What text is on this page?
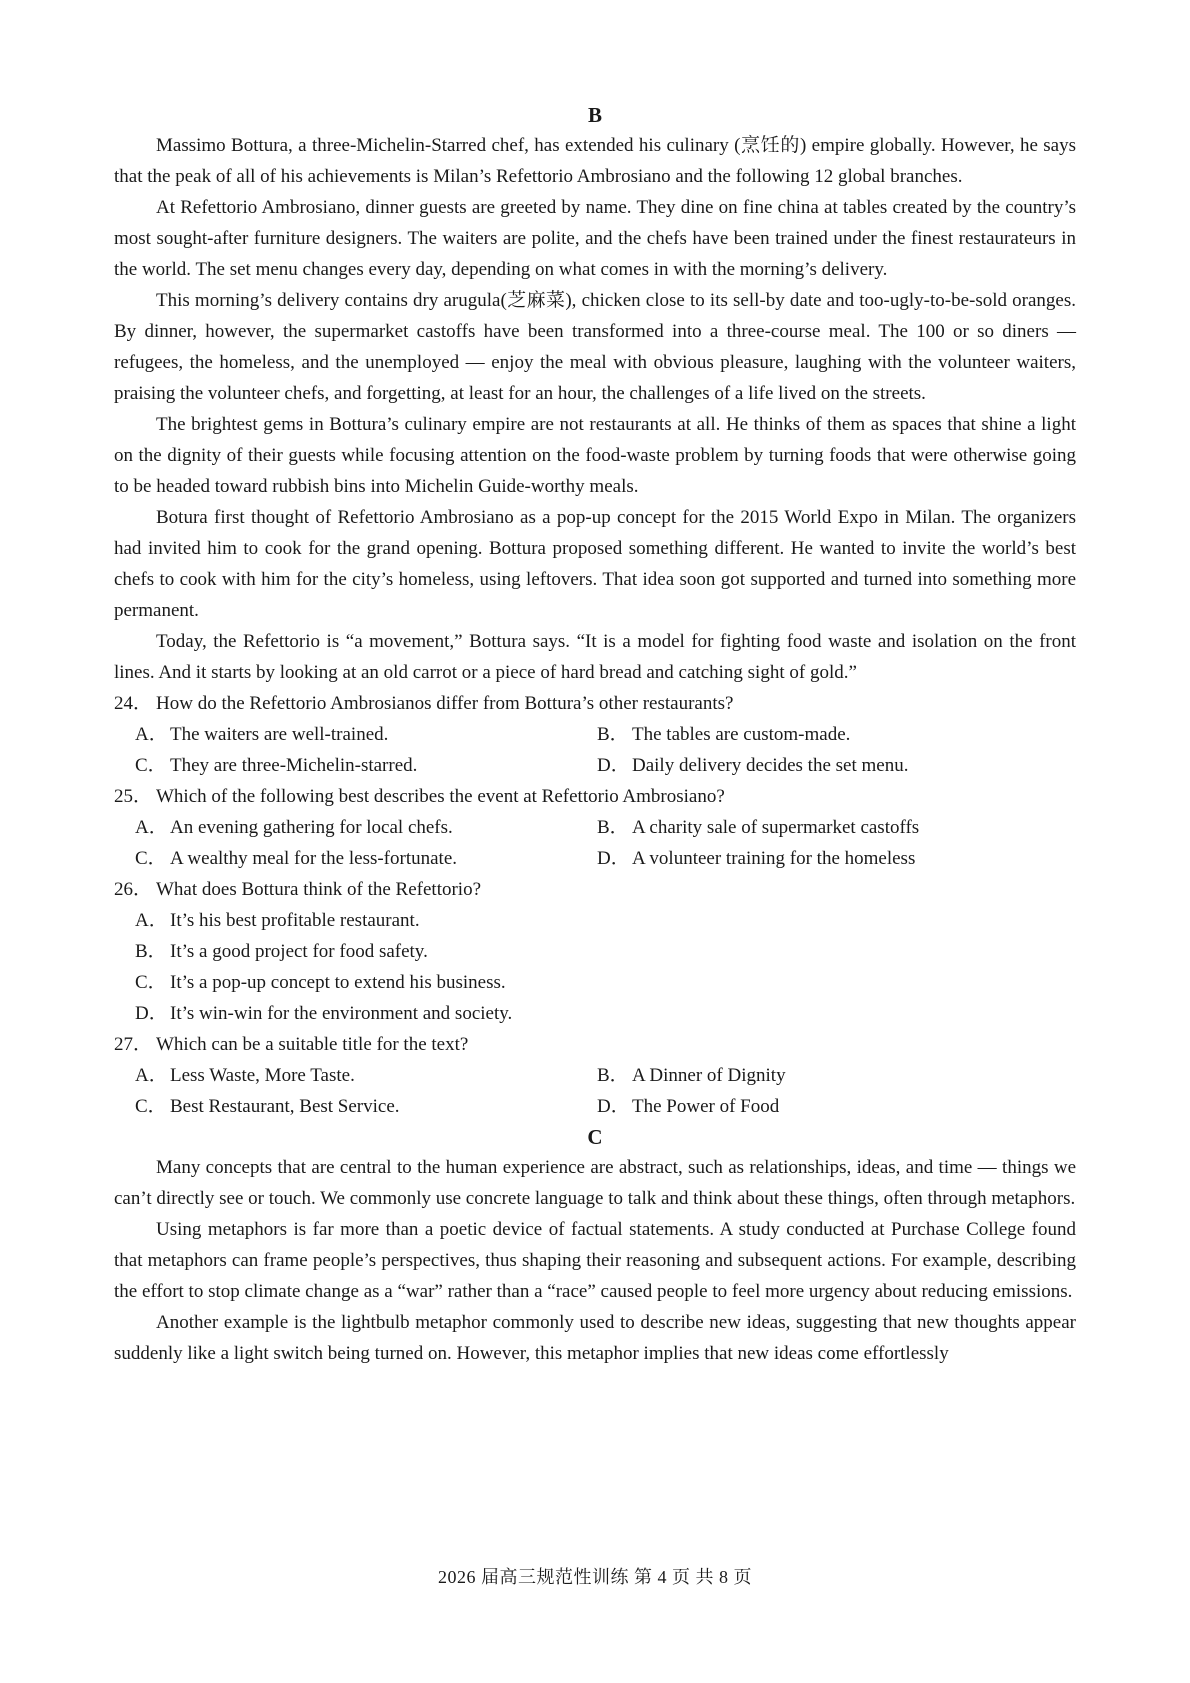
B

Massimo Bottura, a three-Michelin-Starred chef, has extended his culinary (烹饪的) empire globally. However, he says that the peak of all of his achievements is Milan’s Refettorio Ambrosiano and the following 12 global branches.

At Refettorio Ambrosiano, dinner guests are greeted by name. They dine on fine china at tables created by the country’s most sought-after furniture designers. The waiters are polite, and the chefs have been trained under the finest restaurateurs in the world. The set menu changes every day, depending on what comes in with the morning’s delivery.

This morning’s delivery contains dry arugula(芝麻菜), chicken close to its sell-by date and too-ugly-to-be-sold oranges. By dinner, however, the supermarket castoffs have been transformed into a three-course meal. The 100 or so diners — refugees, the homeless, and the unemployed — enjoy the meal with obvious pleasure, laughing with the volunteer waiters, praising the volunteer chefs, and forgetting, at least for an hour, the challenges of a life lived on the streets.

The brightest gems in Bottura’s culinary empire are not restaurants at all. He thinks of them as spaces that shine a light on the dignity of their guests while focusing attention on the food-waste problem by turning foods that were otherwise going to be headed toward rubbish bins into Michelin Guide-worthy meals.

Botura first thought of Refettorio Ambrosiano as a pop-up concept for the 2015 World Expo in Milan. The organizers had invited him to cook for the grand opening. Bottura proposed something different. He wanted to invite the world’s best chefs to cook with him for the city’s homeless, using leftovers. That idea soon got supported and turned into something more permanent.

Today, the Refettorio is “a movement,” Bottura says. “It is a model for fighting food waste and isolation on the front lines. And it starts by looking at an old carrot or a piece of hard bread and catching sight of gold.”

24． How do the Refettorio Ambrosianos differ from Bottura’s other restaurants?
A． The waiters are well-trained.	B． The tables are custom-made.
C． They are three-Michelin-starred.	D． Daily delivery decides the set menu.
25． Which of the following best describes the event at Refettorio Ambrosiano?
A． An evening gathering for local chefs.	B． A charity sale of supermarket castoffs
C． A wealthy meal for the less-fortunate.	D． A volunteer training for the homeless
26． What does Bottura think of the Refettorio?
A． It’s his best profitable restaurant.
B． It’s a good project for food safety.
C． It’s a pop-up concept to extend his business.
D． It’s win-win for the environment and society.
27． Which can be a suitable title for the text?
A． Less Waste, More Taste.	B． A Dinner of Dignity
C． Best Restaurant, Best Service.	D． The Power of Food
C

Many concepts that are central to the human experience are abstract, such as relationships, ideas, and time — things we can’t directly see or touch. We commonly use concrete language to talk and think about these things, often through metaphors.

Using metaphors is far more than a poetic device of factual statements. A study conducted at Purchase College found that metaphors can frame people’s perspectives, thus shaping their reasoning and subsequent actions. For example, describing the effort to stop climate change as a “war” rather than a “race” caused people to feel more urgency about reducing emissions.

Another example is the lightbulb metaphor commonly used to describe new ideas, suggesting that new thoughts appear suddenly like a light switch being turned on. However, this metaphor implies that new ideas come effortlessly

2026 届高三规范性训练 第 4 页 共 8 页
